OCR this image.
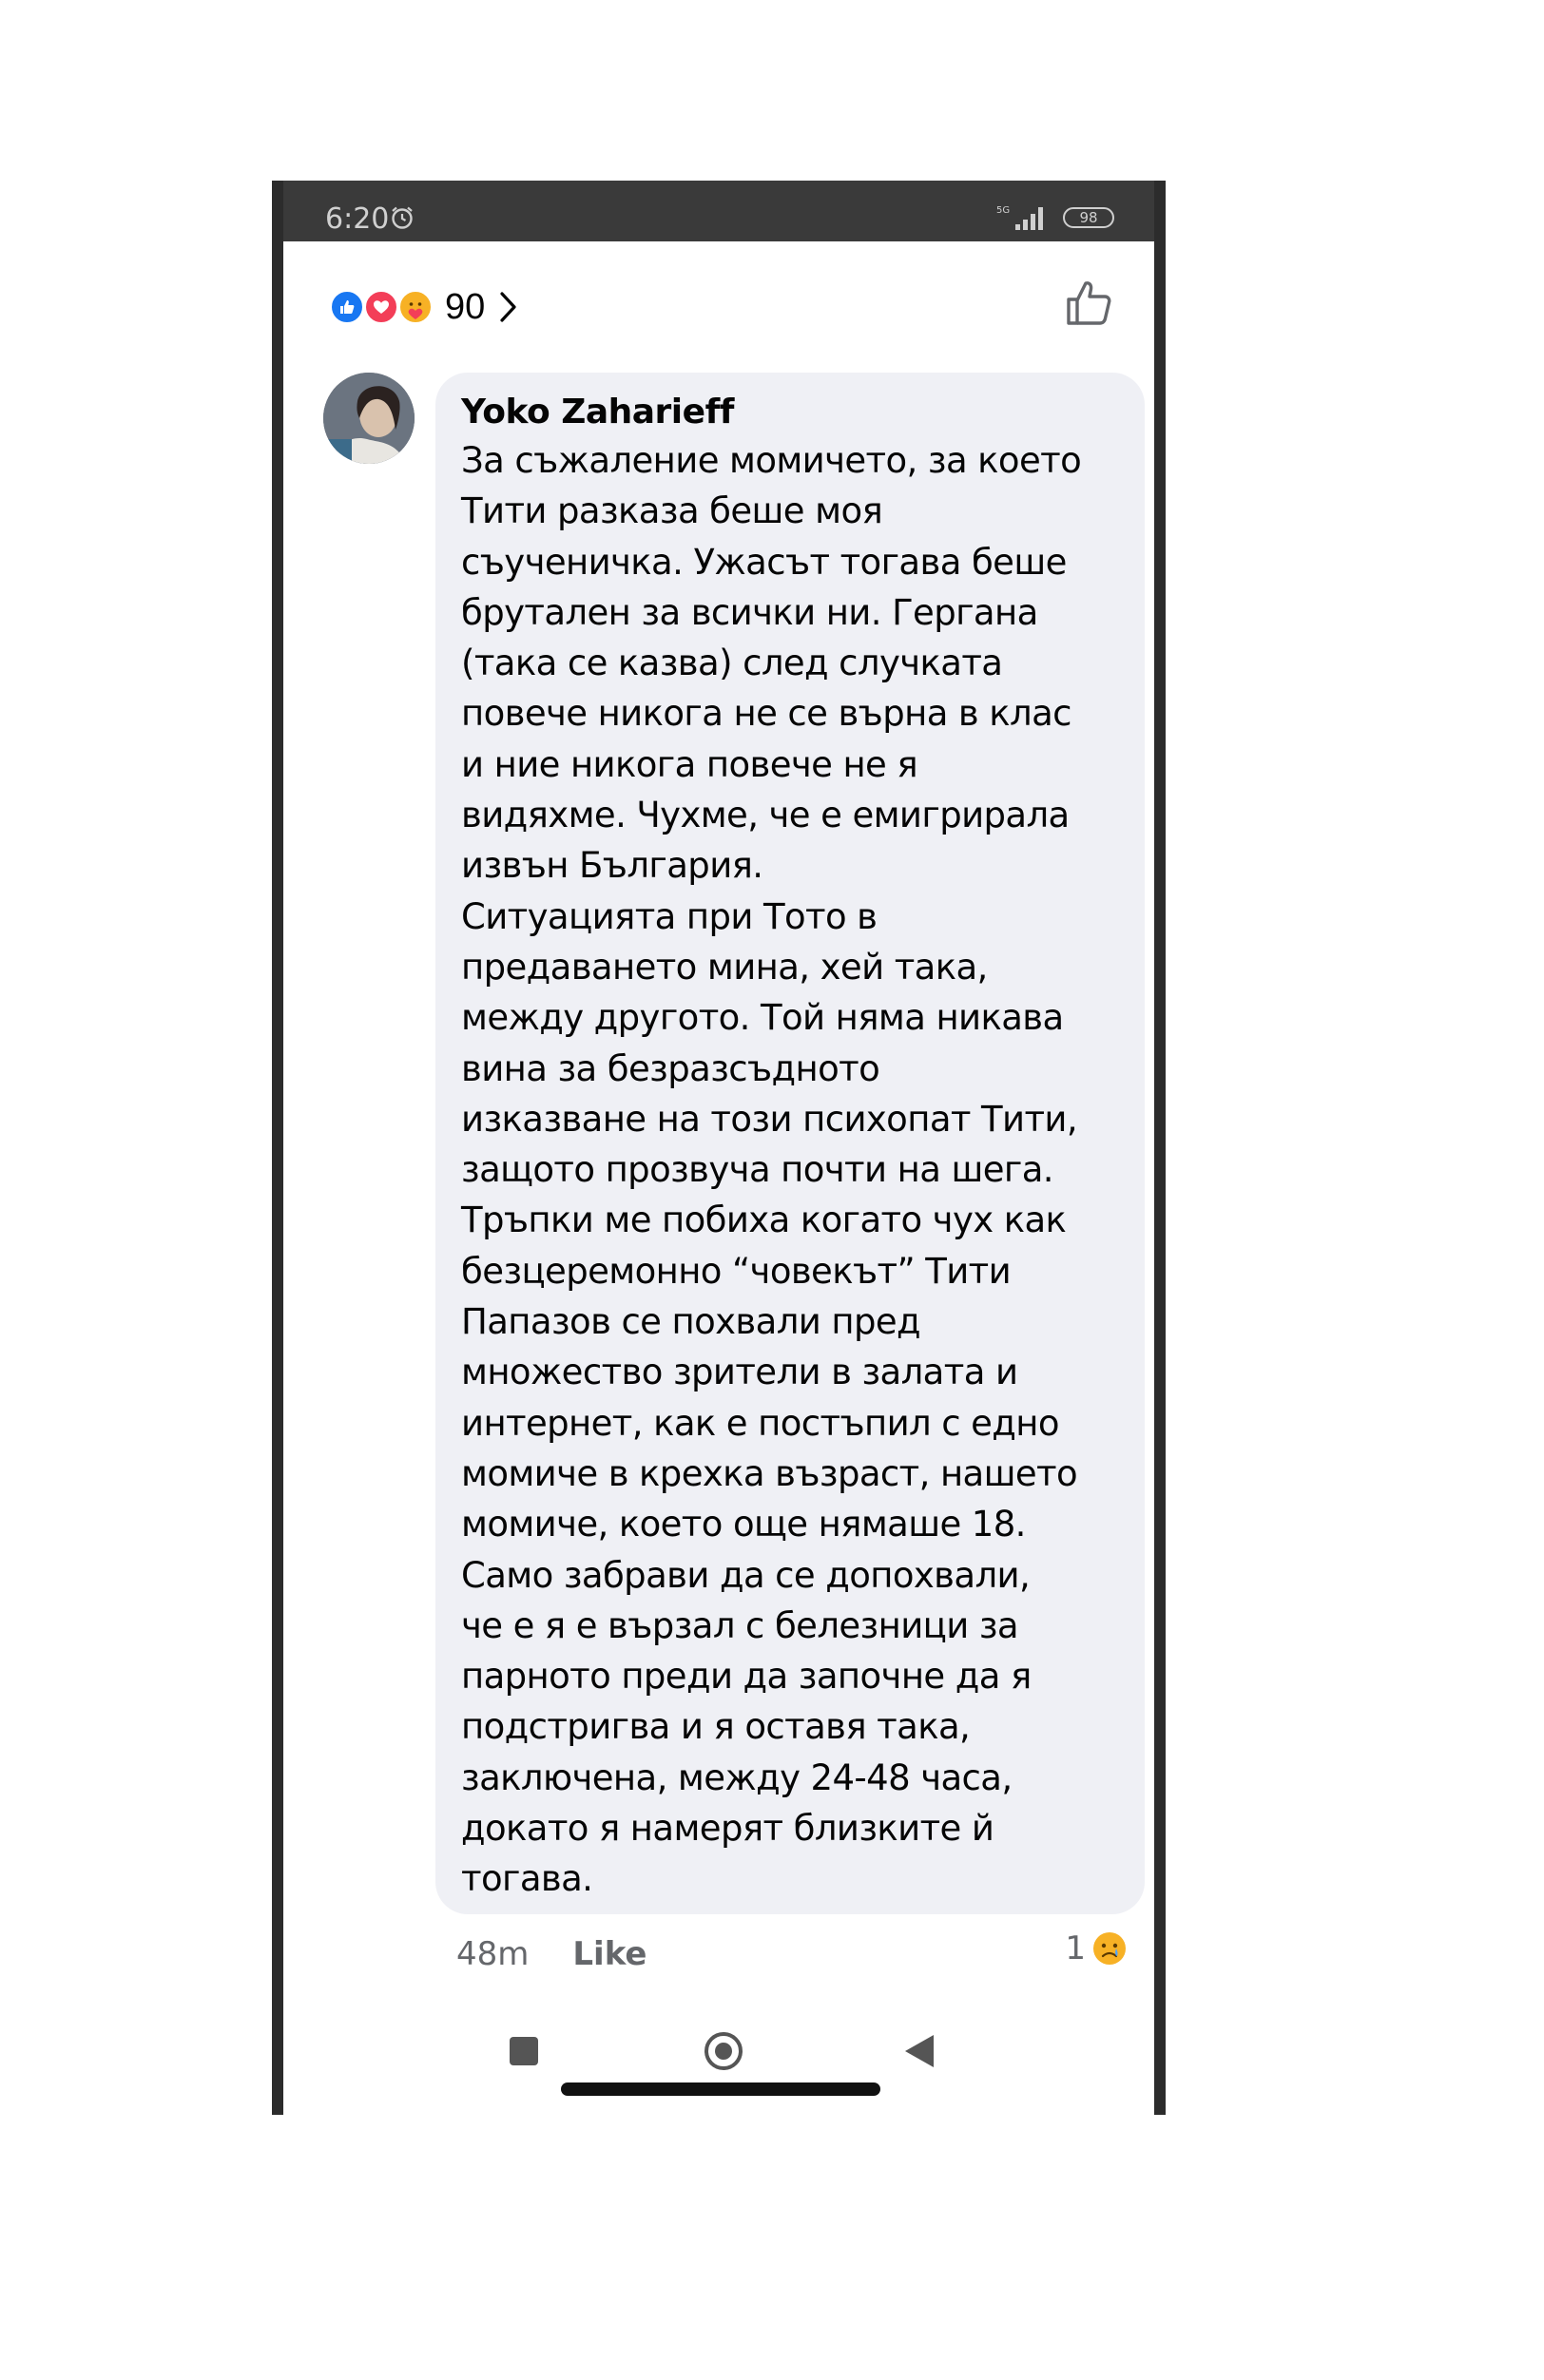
6:20	5G	98
90
Yoko Zaharieff
За съжаление момичето, за което
Тити разказа беше моя
съученичка. Ужасът тогава беше
брутален за всички ни. Гергана
(така се казва) след случката
повече никога не се върна в клас
и ние никога повече не я
видяхме. Чухме, че е емигрирала
извън България.
Ситуацията при Тото в
предаването мина, хей така,
между другото. Той няма никава
вина за безразсъдното
изказване на този психопат Тити,
защото прозвуча почти на шега.
Тръпки ме побиха когато чух как
безцеремонно “човекът” Тити
Папазов се похвали пред
множество зрители в залата и
интернет, как е постъпил с едно
момиче в крехка възраст, нашето
момиче, което още нямаше 18.
Само забрави да се допохвали,
че е я е вързал с белезници за
парното преди да започне да я
подстригва и я оставя така,
заключена, между 24-48 часа,
докато я намерят близките й
тогава.
48m Like	1
